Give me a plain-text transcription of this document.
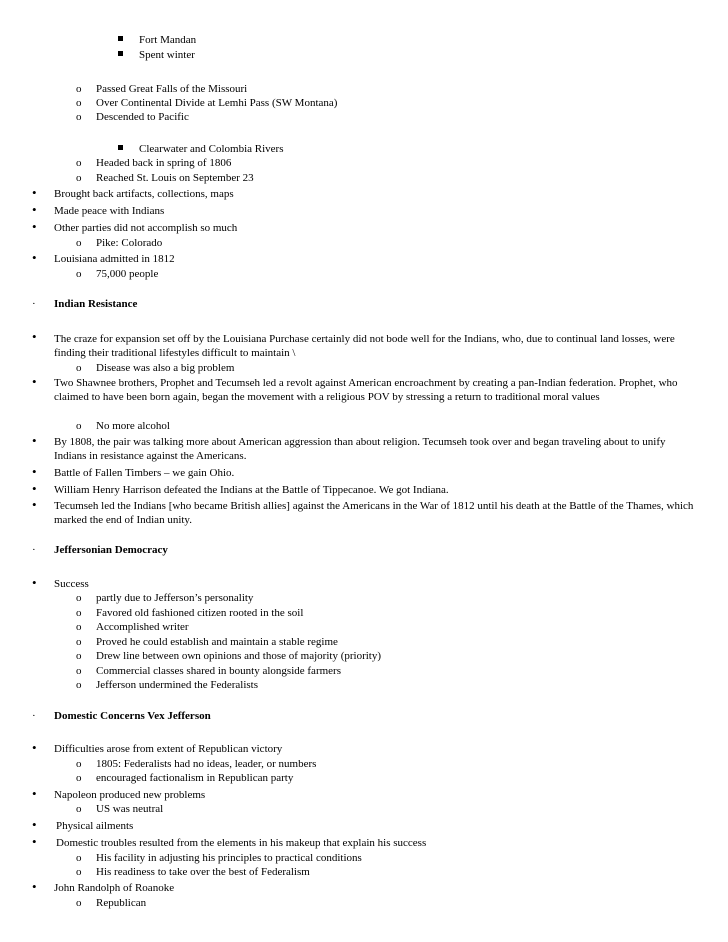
Fort Mandan
Spent winter
o Passed Great Falls of the Missouri
o Over Continental Divide at Lemhi Pass (SW Montana)
o Descended to Pacific
Clearwater and Colombia Rivers
o Headed back in spring of 1806
o Reached St. Louis on September 23
• Brought back artifacts, collections, maps
• Made peace with Indians
• Other parties did not accomplish so much
o Pike: Colorado
• Louisiana admitted in 1812
o 75,000 people
· Indian Resistance
• The craze for expansion set off by the Louisiana Purchase certainly did not bode well for the Indians, who, due to continual land losses, were finding their traditional lifestyles difficult to maintain \
o Disease was also a big problem
• Two Shawnee brothers, Prophet and Tecumseh led a revolt against American encroachment by creating a pan-Indian federation. Prophet, who claimed to have been born again, began the movement with a religious POV by stressing a return to traditional moral values
o No more alcohol
• By 1808, the pair was talking more about American aggression than about religion. Tecumseh took over and began traveling about to unify Indians in resistance against the Americans.
• Battle of Fallen Timbers – we gain Ohio.
• William Henry Harrison defeated the Indians at the Battle of Tippecanoe. We got Indiana.
• Tecumseh led the Indians [who became British allies] against the Americans in the War of 1812 until his death at the Battle of the Thames, which marked the end of Indian unity.
· Jeffersonian Democracy
• Success
o partly due to Jefferson’s personality
o Favored old fashioned citizen rooted in the soil
o Accomplished writer
o Proved he could establish and maintain a stable regime
o Drew line between own opinions and those of majority (priority)
o Commercial classes shared in bounty alongside farmers
o Jefferson undermined the Federalists
· Domestic Concerns Vex Jefferson
• Difficulties arose from extent of Republican victory
o 1805: Federalists had no ideas, leader, or numbers
o encouraged factionalism in Republican party
• Napoleon produced new problems
o US was neutral
• Physical ailments
• Domestic troubles resulted from the elements in his makeup that explain his success
o His facility in adjusting his principles to practical conditions
o His readiness to take over the best of Federalism
• John Randolph of Roanoke
o Republican
